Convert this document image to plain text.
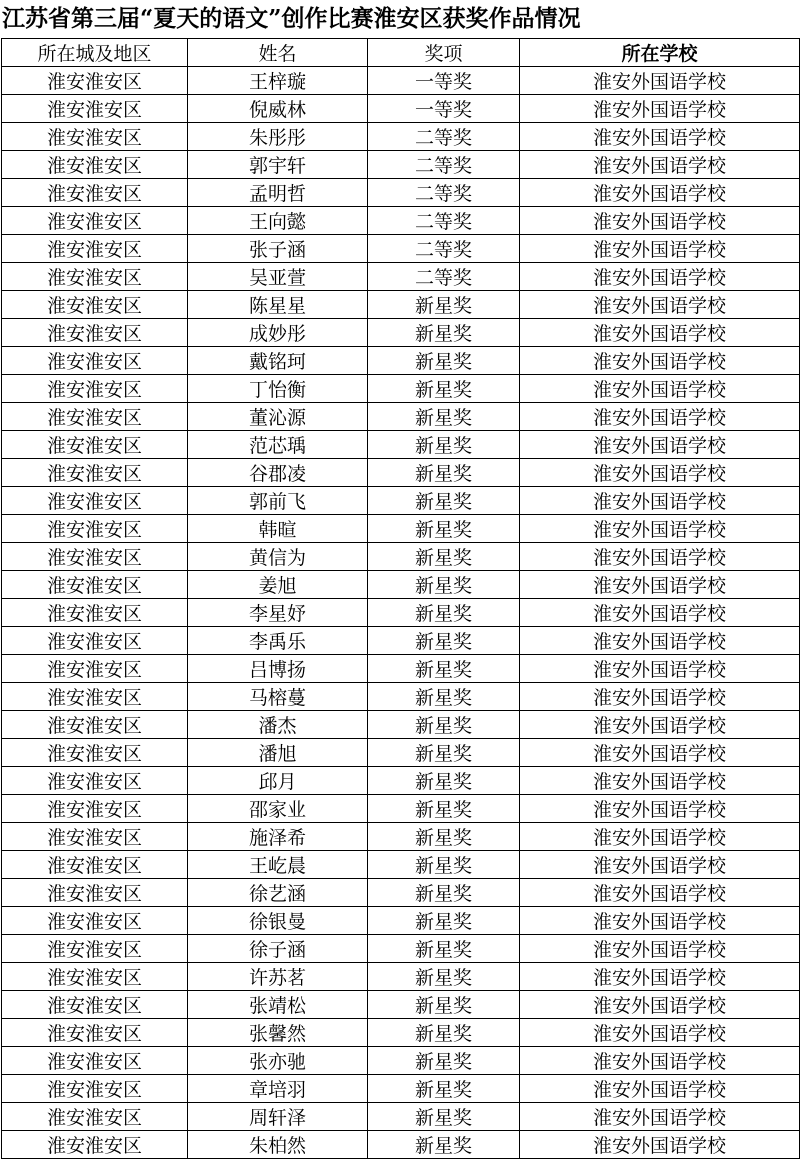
江苏省第三届“夏天的语文”创作比赛淮安区获奖作品情况
所在城及地区	姓名	奖项	所在学校
淮安淮安区	王梓璇	一等奖	淮安外国语学校
淮安淮安区	倪威林	一等奖	淮安外国语学校
淮安淮安区	朱彤彤	二等奖	淮安外国语学校
淮安淮安区	郭宇轩	二等奖	淮安外国语学校
淮安淮安区	孟明哲	二等奖	淮安外国语学校
淮安淮安区	王向懿	二等奖	淮安外国语学校
淮安淮安区	张子涵	二等奖	淮安外国语学校
淮安淮安区	吴亚萱	二等奖	淮安外国语学校
淮安淮安区	陈星星	新星奖	淮安外国语学校
淮安淮安区	成妙彤	新星奖	淮安外国语学校
淮安淮安区	戴铭珂	新星奖	淮安外国语学校
淮安淮安区	丁怡衡	新星奖	淮安外国语学校
淮安淮安区	董沁源	新星奖	淮安外国语学校
淮安淮安区	范芯瑀	新星奖	淮安外国语学校
淮安淮安区	谷郡凌	新星奖	淮安外国语学校
淮安淮安区	郭前飞	新星奖	淮安外国语学校
淮安淮安区	韩暄	新星奖	淮安外国语学校
淮安淮安区	黄信为	新星奖	淮安外国语学校
淮安淮安区	姜旭	新星奖	淮安外国语学校
淮安淮安区	李星妤	新星奖	淮安外国语学校
淮安淮安区	李禹乐	新星奖	淮安外国语学校
淮安淮安区	吕博扬	新星奖	淮安外国语学校
淮安淮安区	马榕蔓	新星奖	淮安外国语学校
淮安淮安区	潘杰	新星奖	淮安外国语学校
淮安淮安区	潘旭	新星奖	淮安外国语学校
淮安淮安区	邱月	新星奖	淮安外国语学校
淮安淮安区	邵家业	新星奖	淮安外国语学校
淮安淮安区	施泽希	新星奖	淮安外国语学校
淮安淮安区	王屹晨	新星奖	淮安外国语学校
淮安淮安区	徐艺涵	新星奖	淮安外国语学校
淮安淮安区	徐银曼	新星奖	淮安外国语学校
淮安淮安区	徐子涵	新星奖	淮安外国语学校
淮安淮安区	许苏茗	新星奖	淮安外国语学校
淮安淮安区	张靖松	新星奖	淮安外国语学校
淮安淮安区	张馨然	新星奖	淮安外国语学校
淮安淮安区	张亦驰	新星奖	淮安外国语学校
淮安淮安区	章培羽	新星奖	淮安外国语学校
淮安淮安区	周轩泽	新星奖	淮安外国语学校
淮安淮安区	朱柏然	新星奖	淮安外国语学校
